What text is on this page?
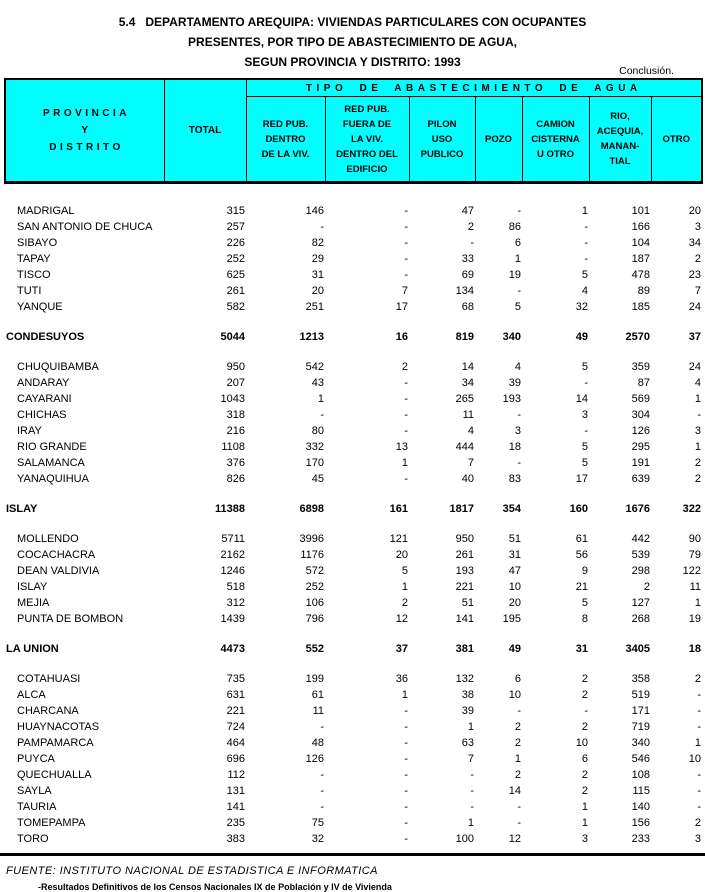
5.4   DEPARTAMENTO AREQUIPA: VIVIENDAS PARTICULARES CON OCUPANTES
PRESENTES, POR TIPO DE ABASTECIMIENTO DE AGUA,
SEGUN PROVINCIA Y DISTRITO: 1993
Conclusión.
PROVINCIA
Y
DISTRITO	TOTAL	TIPO DE ABASTECIMIENTO DE AGUA						

RED PUB.
DENTRO
DE LA VIV.

RED PUB.
FUERA DE
LA VIV.
DENTRO DEL
EDIFICIO

PILON
USO
PUBLICO

POZO

CAMION
CISTERNA
U OTRO

RIO,
ACEQUIA,
MANAN-
TIAL

OTRO
MADRIGAL	315	146	-	47	-	1	101	20
SAN ANTONIO DE CHUCA	257	-	-	2	86	-	166	3
SIBAYO	226	82	-	-	6	-	104	34
TAPAY	252	29	-	33	1	-	187	2
TISCO	625	31	-	69	19	5	478	23
TUTI	261	20	7	134	-	4	89	7
YANQUE	582	251	17	68	5	32	185	24

CONDESUYOS	5044	1213	16	819	340	49	2570	37

CHUQUIBAMBA	950	542	2	14	4	5	359	24
ANDARAY	207	43	-	34	39	-	87	4
CAYARANI	1043	1	-	265	193	14	569	1
CHICHAS	318	-	-	11	-	3	304	-
IRAY	216	80	-	4	3	-	126	3
RIO GRANDE	1108	332	13	444	18	5	295	1
SALAMANCA	376	170	1	7	-	5	191	2
YANAQUIHUA	826	45	-	40	83	17	639	2

ISLAY	11388	6898	161	1817	354	160	1676	322

MOLLENDO	5711	3996	121	950	51	61	442	90
COCACHACRA	2162	1176	20	261	31	56	539	79
DEAN VALDIVIA	1246	572	5	193	47	9	298	122
ISLAY	518	252	1	221	10	21	2	11
MEJIA	312	106	2	51	20	5	127	1
PUNTA DE BOMBON	1439	796	12	141	195	8	268	19

LA UNION	4473	552	37	381	49	31	3405	18

COTAHUASI	735	199	36	132	6	2	358	2
ALCA	631	61	1	38	10	2	519	-
CHARCANA	221	11	-	39	-	-	171	-
HUAYNACOTAS	724	-	-	1	2	2	719	-
PAMPAMARCA	464	48	-	63	2	10	340	1
PUYCA	696	126	-	7	1	6	546	10
QUECHUALLA	112	-	-	-	2	2	108	-
SAYLA	131	-	-	-	14	2	115	-
TAURIA	141	-	-	-	-	1	140	-
TOMEPAMPA	235	75	-	1	-	1	156	2
TORO	383	32	-	100	12	3	233	3
FUENTE: INSTITUTO NACIONAL DE ESTADISTICA E INFORMATICA
-Resultados Definitivos de los Censos Nacionales IX de Población y IV de Vivienda
